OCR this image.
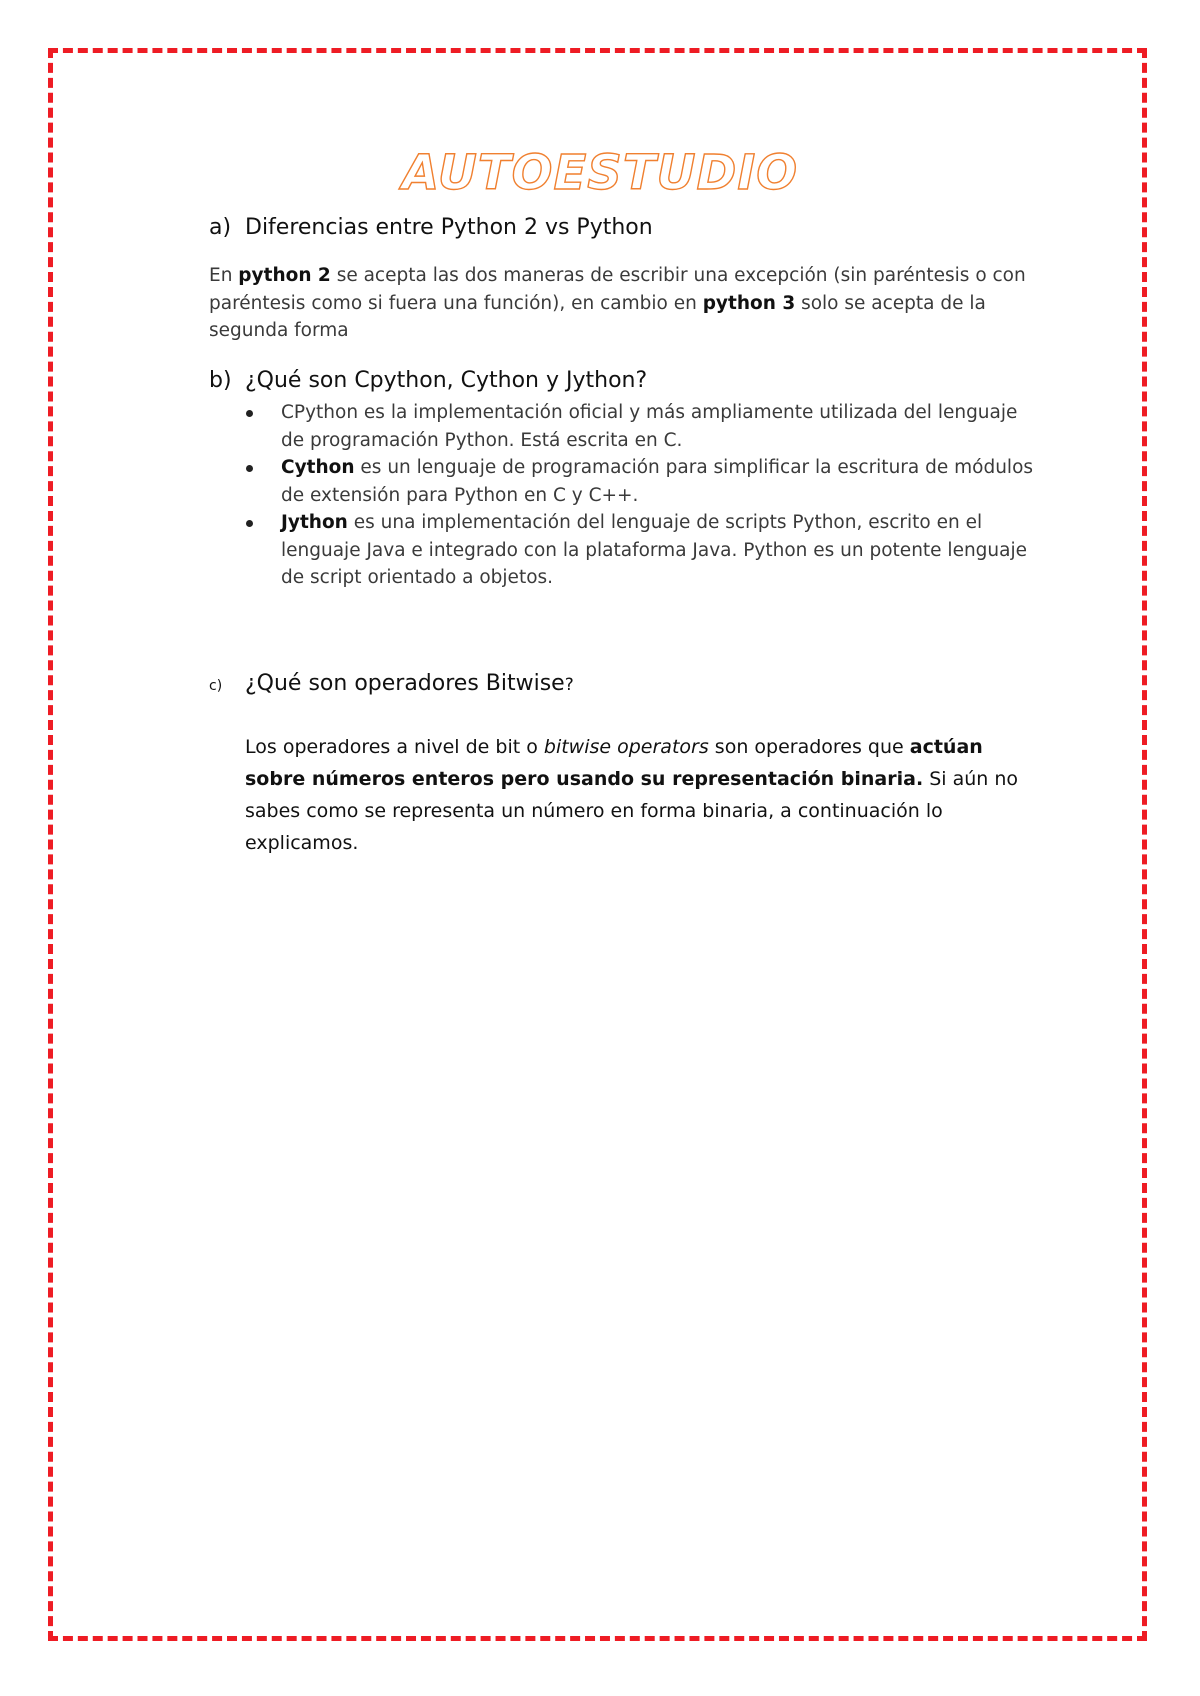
AUTOESTUDIO
a) Diferencias entre Python 2 vs Python

En python 2 se acepta las dos maneras de escribir una excepción (sin paréntesis o con paréntesis como si fuera una función), en cambio en python 3 solo se acepta de la segunda forma

b) ¿Qué son Cpython, Cython y Jython?
CPython es la implementación oficial y más ampliamente utilizada del lenguaje de programación Python. Está escrita en C.
Cython es un lenguaje de programación para simplificar la escritura de módulos de extensión para Python en C y C++.
Jython es una implementación del lenguaje de scripts Python, escrito en el lenguaje Java e integrado con la plataforma Java. Python es un potente lenguaje de script orientado a objetos.
c) ¿Qué son operadores Bitwise?
Los operadores a nivel de bit o bitwise operators son operadores que actúan sobre números enteros pero usando su representación binaria. Si aún no sabes como se representa un número en forma binaria, a continuación lo explicamos.
